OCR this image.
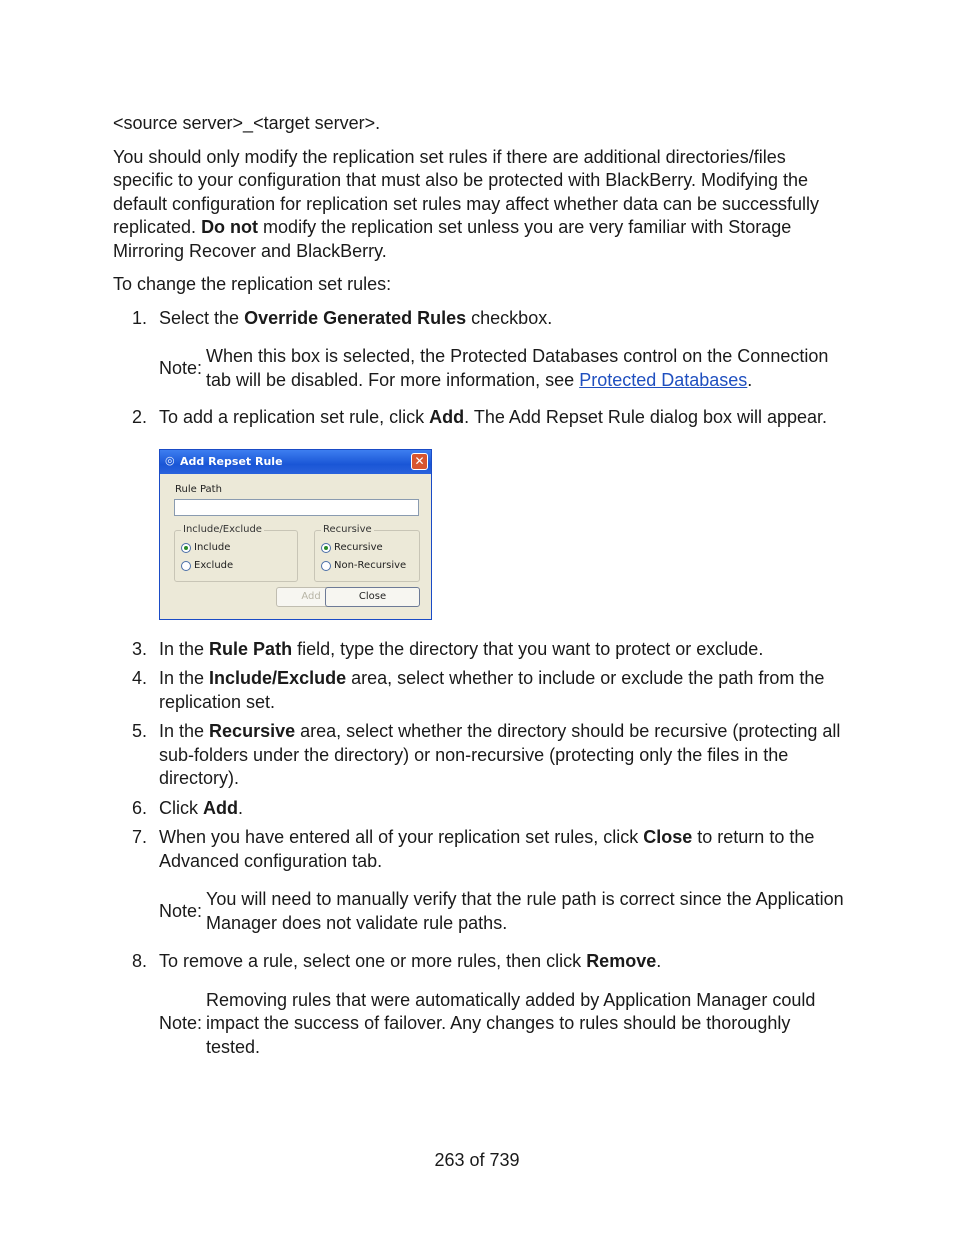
<source server>_<target server>.

You should only modify the replication set rules if there are additional directories/files specific to your configuration that must also be protected with BlackBerry. Modifying the default configuration for replication set rules may affect whether data can be successfully replicated. Do not modify the replication set unless you are very familiar with Storage Mirroring Recover and BlackBerry.

To change the replication set rules:

1. Select the Override Generated Rules checkbox.
Note:
When this box is selected, the Protected Databases control on the Connection tab will be disabled. For more information, see Protected Databases.
2. To add a replication set rule, click Add. The Add Repset Rule dialog box will appear.
◎ Add Repset Rule	✕
Rule Path
Include/Exclude
Include
Exclude
Recursive
Recursive
Non-Recursive
Add	Close
3. In the Rule Path field, type the directory that you want to protect or exclude.
4. In the Include/Exclude area, select whether to include or exclude the path from the replication set.
5. In the Recursive area, select whether the directory should be recursive (protecting all sub-folders under the directory) or non-recursive (protecting only the files in the directory).
6. Click Add.
7. When you have entered all of your replication set rules, click Close to return to the Advanced configuration tab.
Note:
You will need to manually verify that the rule path is correct since the Application Manager does not validate rule paths.
8. To remove a rule, select one or more rules, then click Remove.
Note:
Removing rules that were automatically added by Application Manager could impact the success of failover. Any changes to rules should be thoroughly tested.
263 of 739
